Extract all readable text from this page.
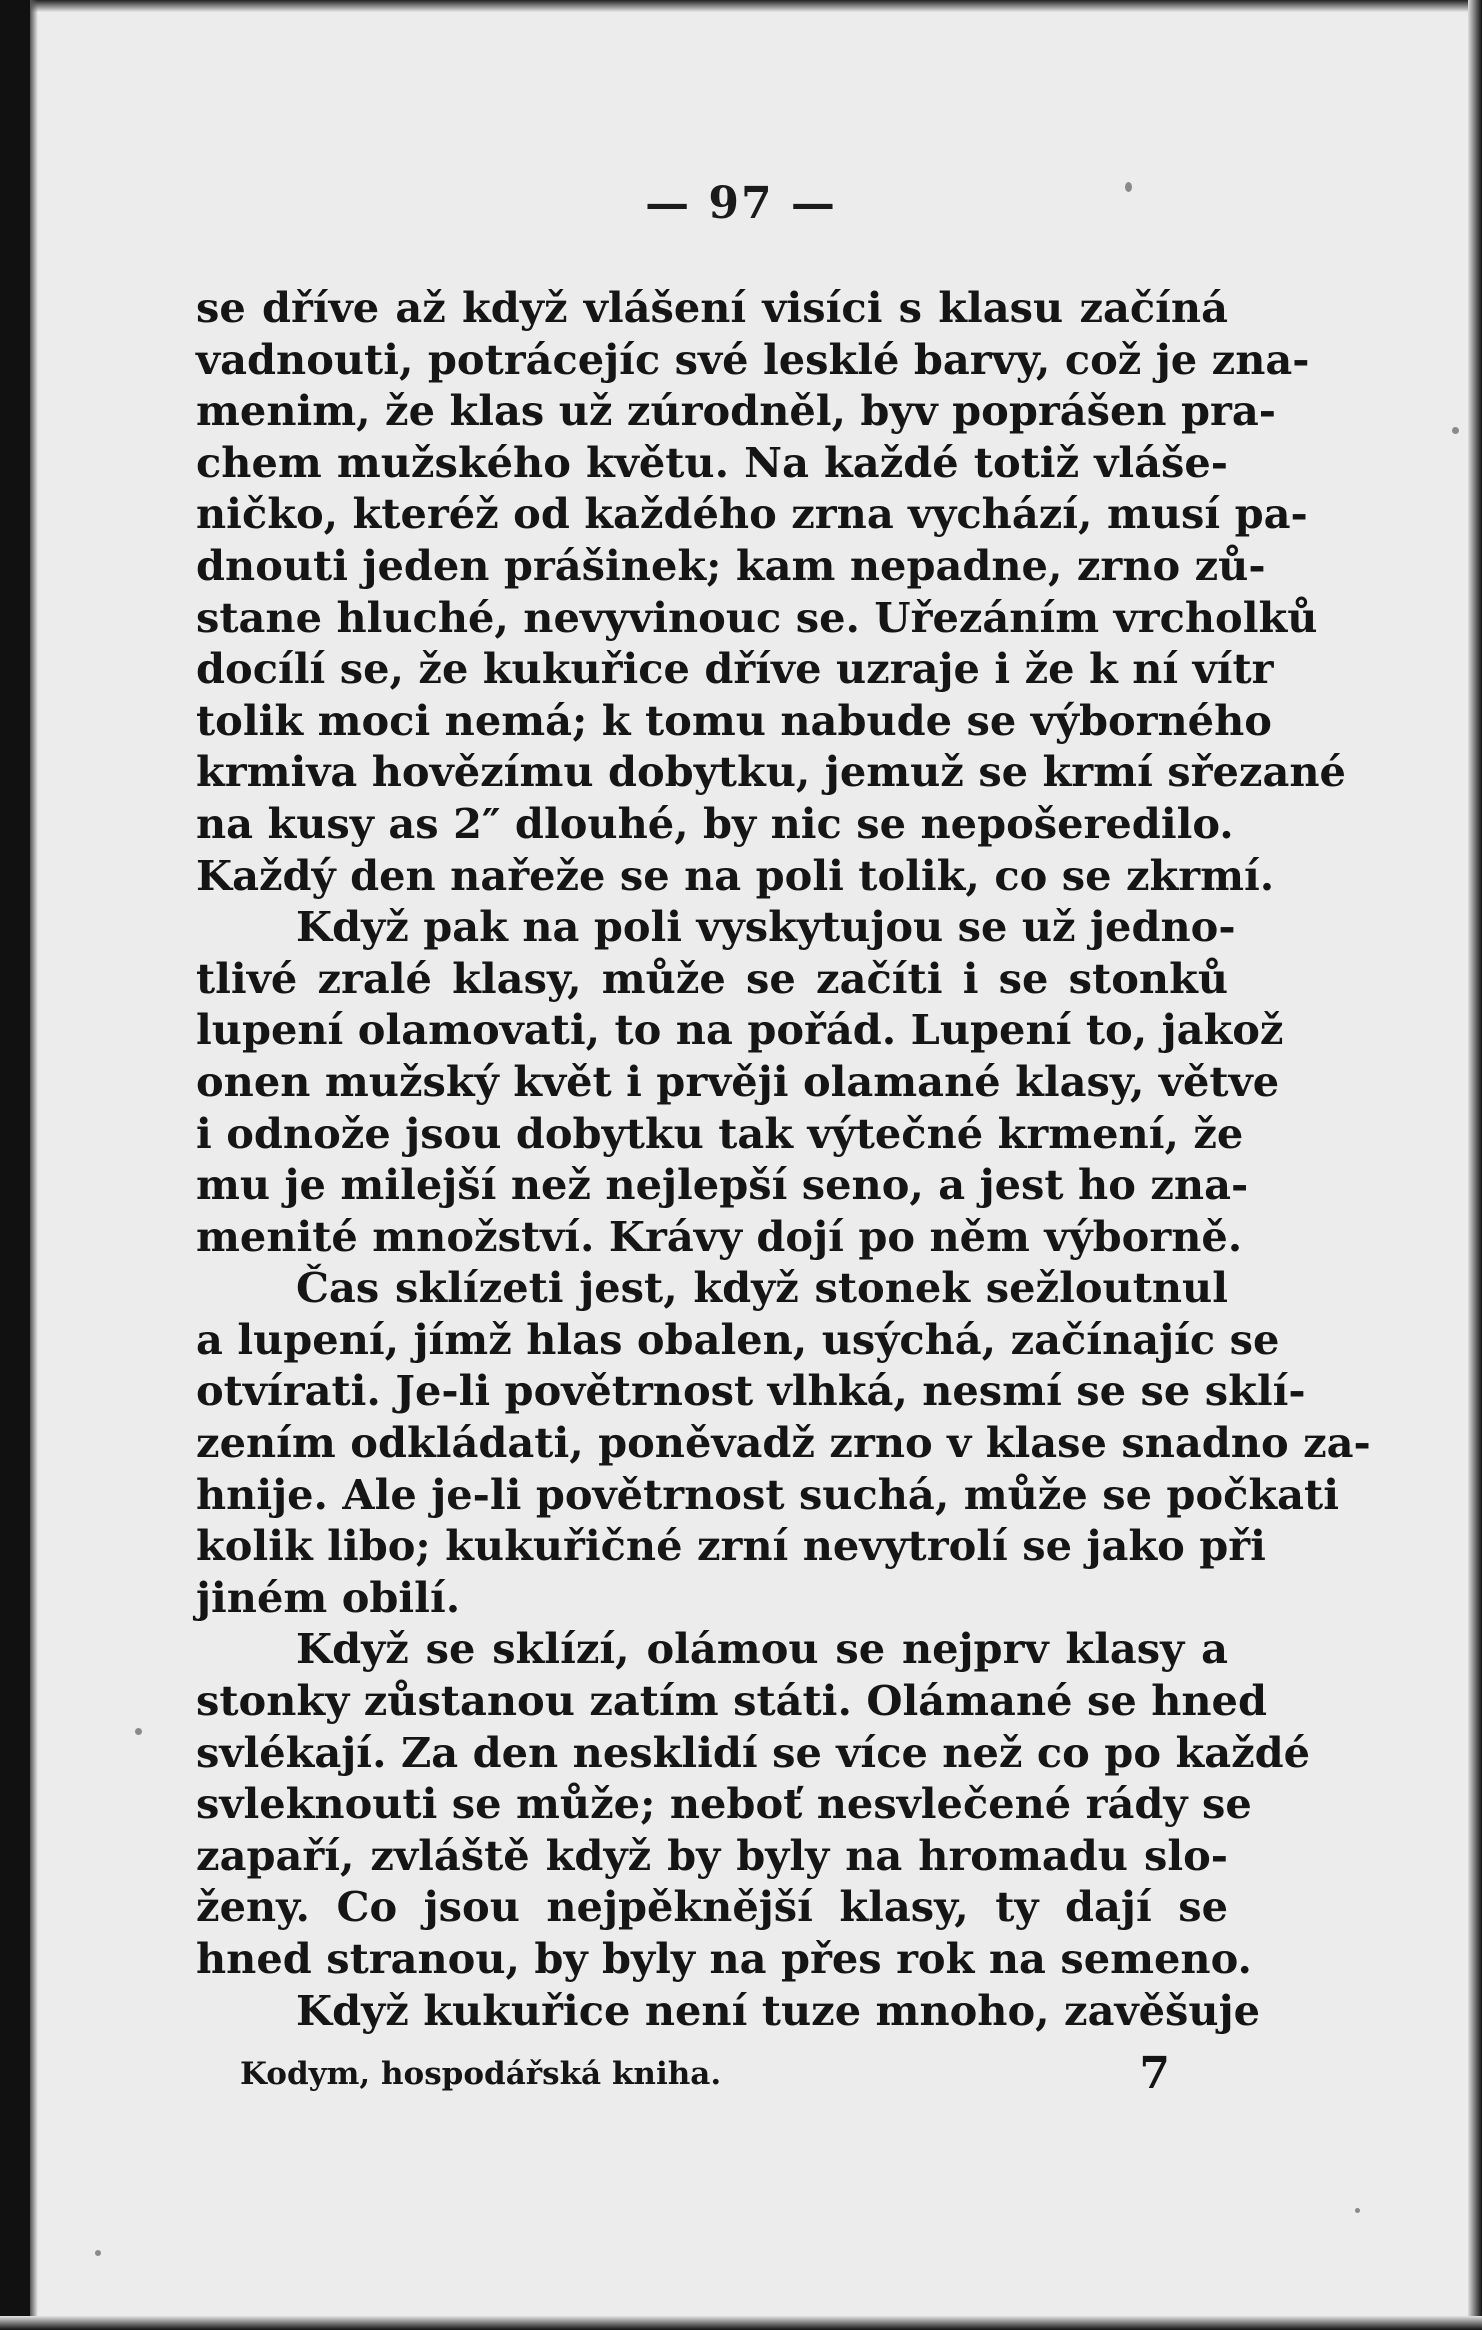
— 97 —
se dříve až když vlášení visíci s klasu začíná
vadnouti, potrácejíc své lesklé barvy, což je zna-
menim, že klas už zúrodněl, byv poprášen pra-
chem mužského květu. Na každé totiž vláše-
ničko, kteréž od každého zrna vychází, musí pa-
dnouti jeden prášinek; kam nepadne, zrno zů-
stane hluché, nevyvinouc se. Uřezáním vrcholků
docílí se, že kukuřice dříve uzraje i že k ní vítr
tolik moci nemá; k tomu nabude se výborného
krmiva hovězímu dobytku, jemuž se krmí sřezané
na kusy as 2″ dlouhé, by nic se nepošeredilo.
Každý den nařeže se na poli tolik, co se zkrmí.
Když pak na poli vyskytujou se už jedno-
tlivé zralé klasy, může se začíti i se stonků
lupení olamovati, to na pořád. Lupení to, jakož
onen mužský květ i prvěji olamané klasy, větve
i odnože jsou dobytku tak výtečné krmení, že
mu je milejší než nejlepší seno, a jest ho zna-
menité množství. Krávy dojí po něm výborně.
Čas sklízeti jest, když stonek sežloutnul
a lupení, jímž hlas obalen, usýchá, začínajíc se
otvírati. Je-li povětrnost vlhká, nesmí se se sklí-
zením odkládati, poněvadž zrno v klase snadno za-
hnije. Ale je-li povětrnost suchá, může se počkati
kolik libo; kukuřičné zrní nevytrolí se jako při
jiném obilí.
Když se sklízí, olámou se nejprv klasy a
stonky zůstanou zatím státi. Olámané se hned
svlékají. Za den nesklidí se více než co po každé
svleknouti se může; neboť nesvlečené rády se
zapaří, zvláště když by byly na hromadu slo-
ženy. Co jsou nejpěknější klasy, ty dají se
hned stranou, by byly na přes rok na semeno.
Když kukuřice není tuze mnoho, zavěšuje
Kodym, hospodářská kniha.	7
